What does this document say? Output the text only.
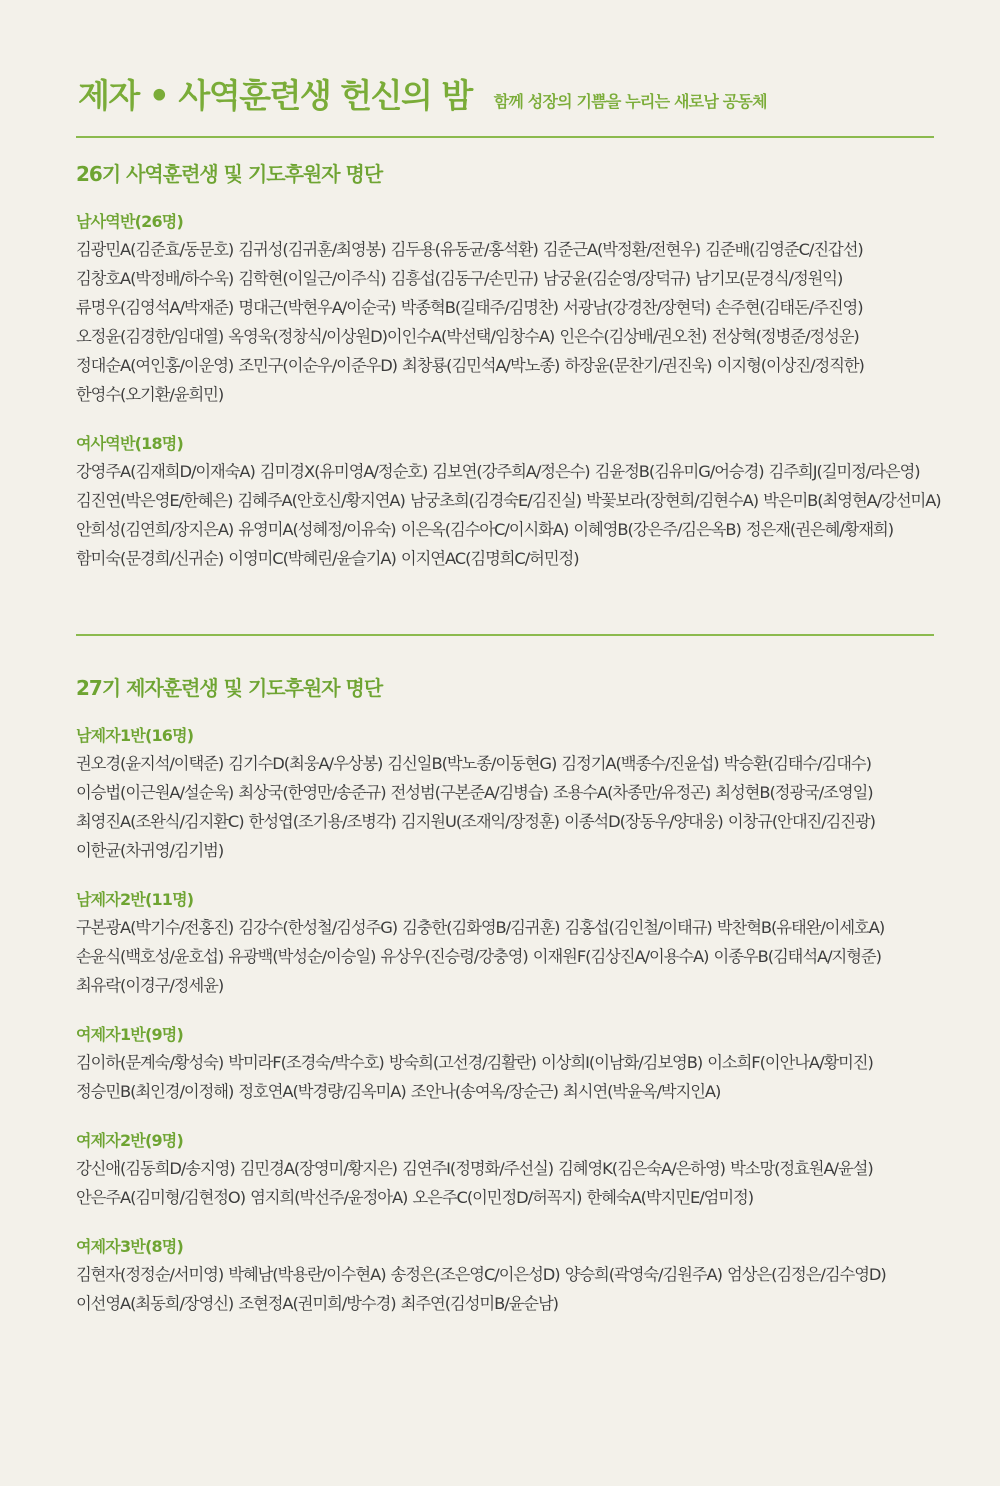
제자 • 사역훈련생 헌신의 밤 함께 성장의 기쁨을 누리는 새로남 공동체
26기 사역훈련생 및 기도후원자 명단
남사역반(26명)

김광민A(김준효/동문호) 김귀성(김귀훈/최영봉) 김두용(유동균/홍석환) 김준근A(박정환/전현우) 김준배(김영준C/진갑선)
김창호A(박정배/하수욱) 김학현(이일근/이주식) 김흥섭(김동구/손민규) 남궁윤(김순영/장덕규) 남기모(문경식/정원익)
류명우(김영석A/박재준) 명대근(박현우A/이순국) 박종혁B(길태주/김명찬) 서광남(강경찬/장현덕) 손주현(김태돈/주진영)
오정윤(김경한/임대열) 옥영욱(정창식/이상원D)이인수A(박선택/임창수A) 인은수(김상배/권오천) 전상혁(정병준/정성운)
정대순A(여인홍/이운영) 조민구(이순우/이준우D) 최창룡(김민석A/박노종) 하장윤(문찬기/권진욱) 이지형(이상진/정직한)
한영수(오기환/윤희민)

여사역반(18명)

강영주A(김재희D/이재숙A) 김미경X(유미영A/정순호) 김보연(강주희A/정은수) 김윤정B(김유미G/어승경) 김주희J(길미정/라은영)
김진연(박은영E/한혜은) 김혜주A(안호신/황지연A) 남궁초희(김경숙E/김진실) 박꽃보라(장현희/김현수A) 박은미B(최영현A/강선미A)
안희성(김연희/장지은A) 유영미A(성혜정/이유숙) 이은옥(김수아C/이시화A) 이혜영B(강은주/김은옥B) 정은재(권은혜/황재희)
함미숙(문경희/신귀순) 이영미C(박혜린/윤슬기A) 이지연AC(김명희C/허민정)

27기 제자훈련생 및 기도후원자 명단
남제자1반(16명)

권오경(윤지석/이택준) 김기수D(최웅A/우상봉) 김신일B(박노종/이동현G) 김정기A(백종수/진윤섭) 박승환(김태수/김대수)
이승법(이근원A/설순욱) 최상국(한영만/송준규) 전성범(구본준A/김병습) 조용수A(차종만/유정곤) 최성현B(정광국/조영일)
최영진A(조완식/김지환C) 한성엽(조기용/조병각) 김지원U(조재익/장정훈) 이종석D(장동우/양대웅) 이창규(안대진/김진광)
이한균(차귀영/김기범)

남제자2반(11명)

구본광A(박기수/전홍진) 김강수(한성철/김성주G) 김충한(김화영B/김귀훈) 김홍섭(김인철/이태규) 박찬혁B(유태완/이세호A)
손윤식(백호성/윤호섭) 유광백(박성순/이승일) 유상우(진승령/강충영) 이재원F(김상진A/이용수A) 이종우B(김태석A/지형준)
최유락(이경구/정세윤)

여제자1반(9명)

김이하(문계숙/황성숙) 박미라F(조경숙/박수호) 방숙희(고선경/김활란) 이상희I(이남화/김보영B) 이소희F(이안나A/황미진)
정승민B(최인경/이정해) 정호연A(박경량/김옥미A) 조안나(송여옥/장순근) 최시연(박윤옥/박지인A)

여제자2반(9명)

강신애(김동희D/송지영) 김민경A(장영미/황지은) 김연주I(정명화/주선실) 김혜영K(김은숙A/은하영) 박소망(정효원A/윤설)
안은주A(김미형/김현정O) 염지희(박선주/윤정아A) 오은주C(이민정D/허꼭지) 한혜숙A(박지민E/엄미정)

여제자3반(8명)

김현자(정정순/서미영) 박혜남(박용란/이수현A) 송정은(조은영C/이은성D) 양승희(곽영숙/김원주A) 엄상은(김정은/김수영D)
이선영A(최동희/장영신) 조현정A(권미희/방수경) 최주연(김성미B/윤순남)
